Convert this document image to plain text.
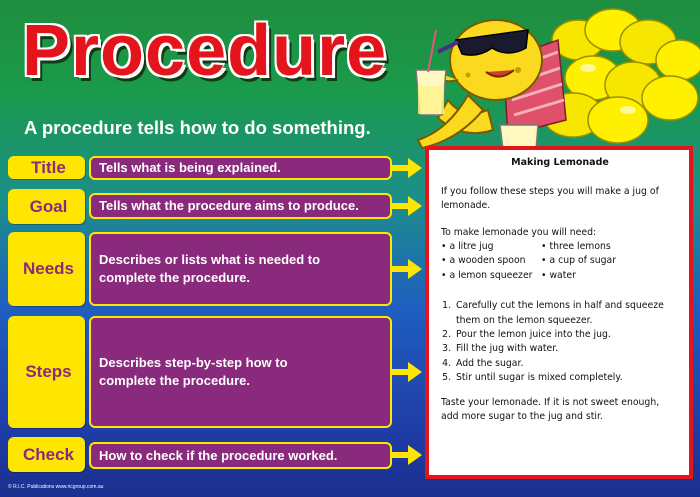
Procedure
A procedure tells how to do something.
Title	Tells what is being explained.
Goal	Tells what the procedure aims to produce.
Needs	Describes or lists what is needed to complete the procedure.
Steps	Describes step-by-step how to complete the procedure.
Check	How to check if the procedure worked.
Making Lemonade

If you follow these steps you will make a jug of lemonade.

To make lemonade you will need:
• a litre jug	• three lemons
• a wooden spoon	• a cup of sugar
• a lemon squeezer • water
1. Carefully cut the lemons in half and squeeze them on the lemon squeezer.
2. Pour the lemon juice into the jug.
3. Fill the jug with water.
4. Add the sugar.
5. Stir until sugar is mixed completely.

Taste your lemonade. If it is not sweet enough, add more sugar to the jug and stir.

© R.I.C. Publications www.ricgroup.com.au
